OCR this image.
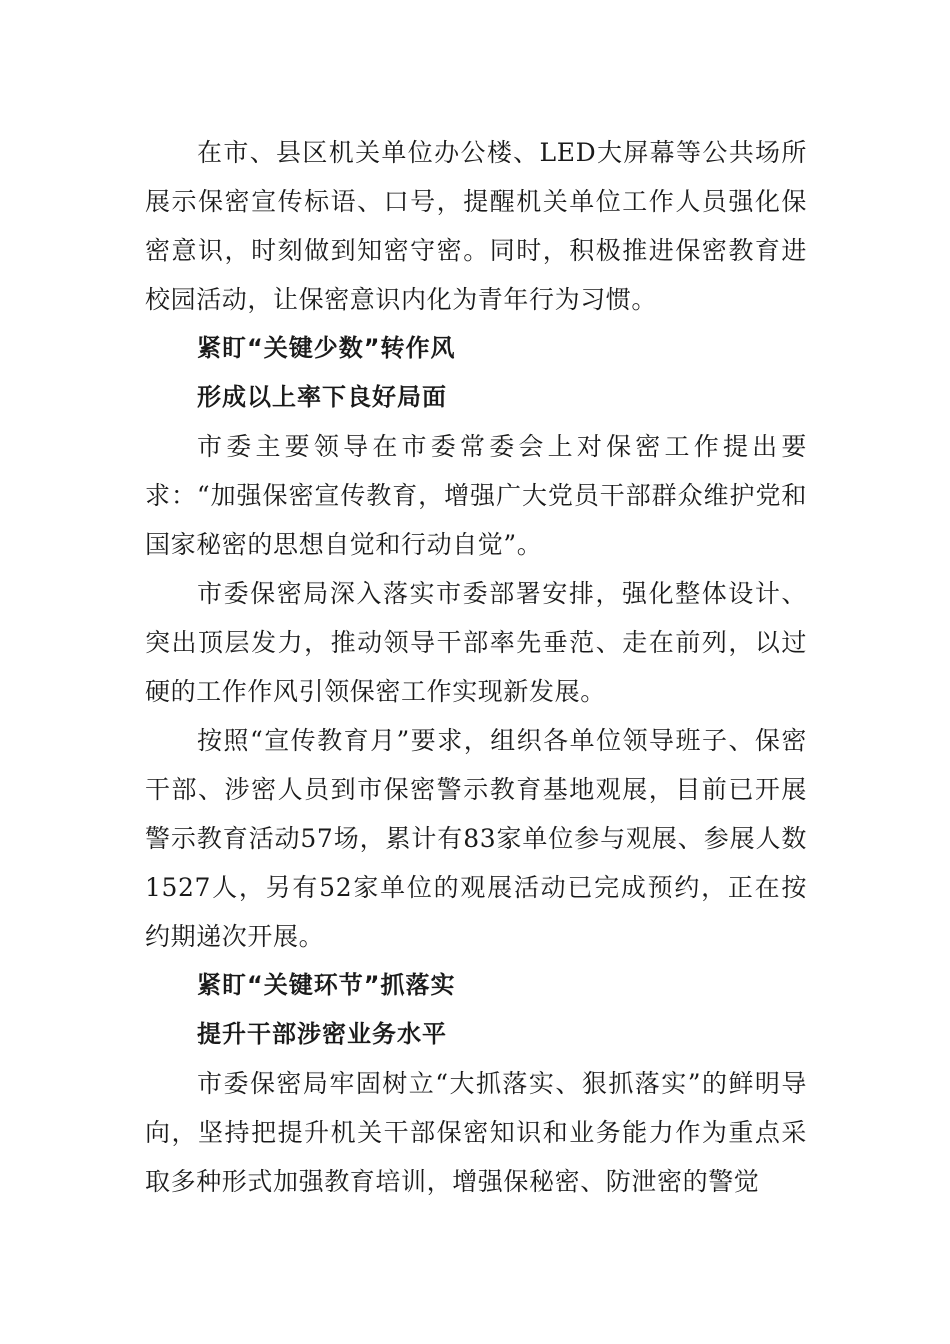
在市、县区机关单位办公楼、LED大屏幕等公共场所展示保密宣传标语、口号，提醒机关单位工作人员强化保密意识，时刻做到知密守密。同时，积极推进保密教育进校园活动，让保密意识内化为青年行为习惯。

紧盯“关键少数”转作风

形成以上率下良好局面

市委主要领导在市委常委会上对保密工作提出要求：“加强保密宣传教育，增强广大党员干部群众维护党和国家秘密的思想自觉和行动自觉”。

市委保密局深入落实市委部署安排，强化整体设计、突出顶层发力，推动领导干部率先垂范、走在前列，以过硬的工作作风引领保密工作实现新发展。

按照“宣传教育月”要求，组织各单位领导班子、保密干部、涉密人员到市保密警示教育基地观展，目前已开展警示教育活动57场，累计有83家单位参与观展、参展人数1527人，另有52家单位的观展活动已完成预约，正在按约期递次开展。

紧盯“关键环节”抓落实

提升干部涉密业务水平

市委保密局牢固树立“大抓落实、狠抓落实”的鲜明导向，坚持把提升机关干部保密知识和业务能力作为重点采取多种形式加强教育培训，增强保秘密、防泄密的警觉
